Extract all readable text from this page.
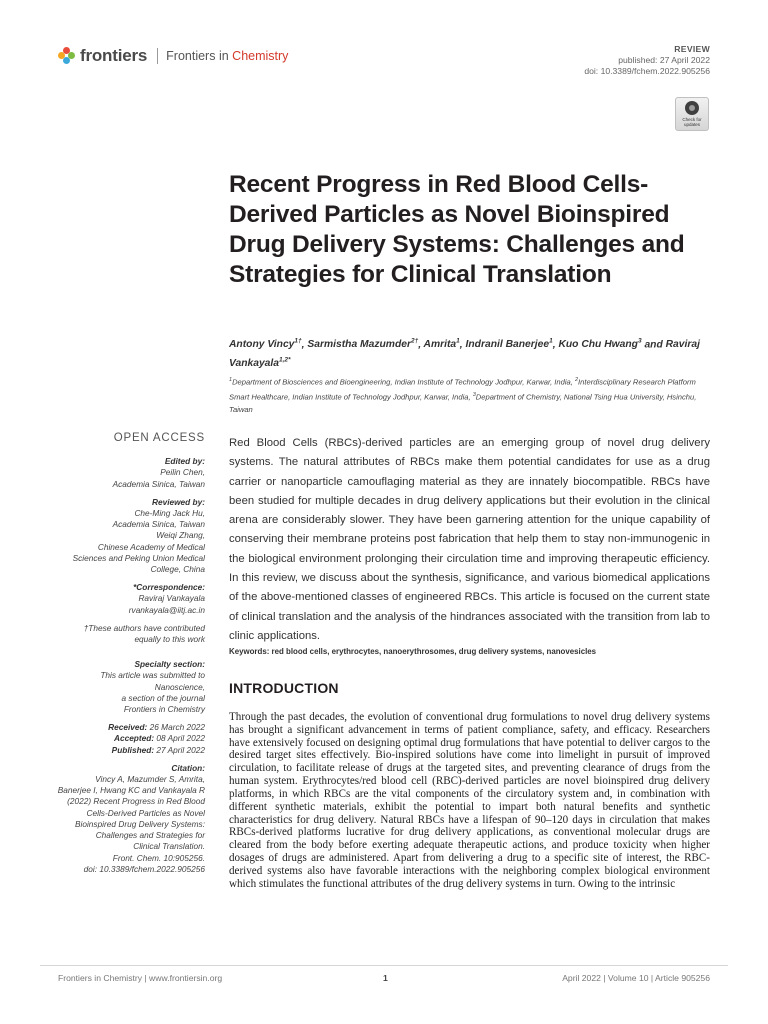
frontiers Frontiers in Chemistry	REVIEW
published: 27 April 2022
doi: 10.3389/fchem.2022.905256
Check for updates
Recent Progress in Red Blood Cells-Derived Particles as Novel Bioinspired Drug Delivery Systems: Challenges and Strategies for Clinical Translation
Antony Vincy$^{1\dagger}$, Sarmistha Mazumder$^{2\dagger}$, Amrita$^1$, Indranil Banerjee$^1$, Kuo Chu Hwang$^3$ and Raviraj Vankayala$^{1,2*}$
$^1$Department of Biosciences and Bioengineering, Indian Institute of Technology Jodhpur, Karwar, India, $^2$Interdisciplinary Research Platform Smart Healthcare, Indian Institute of Technology Jodhpur, Karwar, India, $^3$Department of Chemistry, National Tsing Hua University, Hsinchu, Taiwan
OPEN ACCESS
Edited by:
Peilin Chen,
Academia Sinica, Taiwan
Reviewed by:
Che-Ming Jack Hu,
Academia Sinica, Taiwan
Weiqi Zhang,
Chinese Academy of Medical
Sciences and Peking Union Medical
College, China
*Correspondence:
Raviraj Vankayala
rvankayala@iitj.ac.in
†These authors have contributed
equally to this work
Specialty section:
This article was submitted to
Nanoscience,
a section of the journal
Frontiers in Chemistry
Received: 26 March 2022
Accepted: 08 April 2022
Published: 27 April 2022
Citation:
Vincy A, Mazumder S, Amrita,
Banerjee I, Hwang KC and Vankayala R
(2022) Recent Progress in Red Blood
Cells-Derived Particles as Novel
Bioinspired Drug Delivery Systems:
Challenges and Strategies for
Clinical Translation.
Front. Chem. 10:905256.
doi: 10.3389/fchem.2022.905256

Red Blood Cells (RBCs)-derived particles are an emerging group of novel drug delivery systems. The natural attributes of RBCs make them potential candidates for use as a drug carrier or nanoparticle camouflaging material as they are innately biocompatible. RBCs have been studied for multiple decades in drug delivery applications but their evolution in the clinical arena are considerably slower. They have been garnering attention for the unique capability of conserving their membrane proteins post fabrication that help them to stay non-immunogenic in the biological environment prolonging their circulation time and improving therapeutic efficiency. In this review, we discuss about the synthesis, significance, and various biomedical applications of the above-mentioned classes of engineered RBCs. This article is focused on the current state of clinical translation and the analysis of the hindrances associated with the transition from lab to clinic applications.

Keywords: red blood cells, erythrocytes, nanoerythrosomes, drug delivery systems, nanovesicles
INTRODUCTION

Through the past decades, the evolution of conventional drug formulations to novel drug delivery systems has brought a significant advancement in terms of patient compliance, safety, and efficacy. Researchers have extensively focused on designing optimal drug formulations that have potential to deliver cargos to the desired target sites effectively. Bio-inspired solutions have come into limelight in pursuit of improved circulation, to facilitate release of drugs at the targeted sites, and preventing clearance of drugs from the human system. Erythrocytes/red blood cell (RBC)-derived particles are novel bioinspired drug delivery platforms, in which RBCs are the vital components of the circulatory system and, in combination with different synthetic materials, exhibit the potential to impart both natural benefits and synthetic characteristics for drug delivery. Natural RBCs have a lifespan of 90–120 days in circulation that makes RBCs-derived platforms lucrative for drug delivery applications, as conventional molecular drugs are cleared from the body before exerting adequate therapeutic actions, and produce toxicity when higher dosages of drugs are administered. Apart from delivering a drug to a specific site of interest, the RBC-derived systems also have favorable interactions with the neighboring complex biological environment which stimulates the functional attributes of the drug delivery systems in turn. Owing to the intrinsic

Frontiers in Chemistry | www.frontiersin.org	1	April 2022 | Volume 10 | Article 905256
